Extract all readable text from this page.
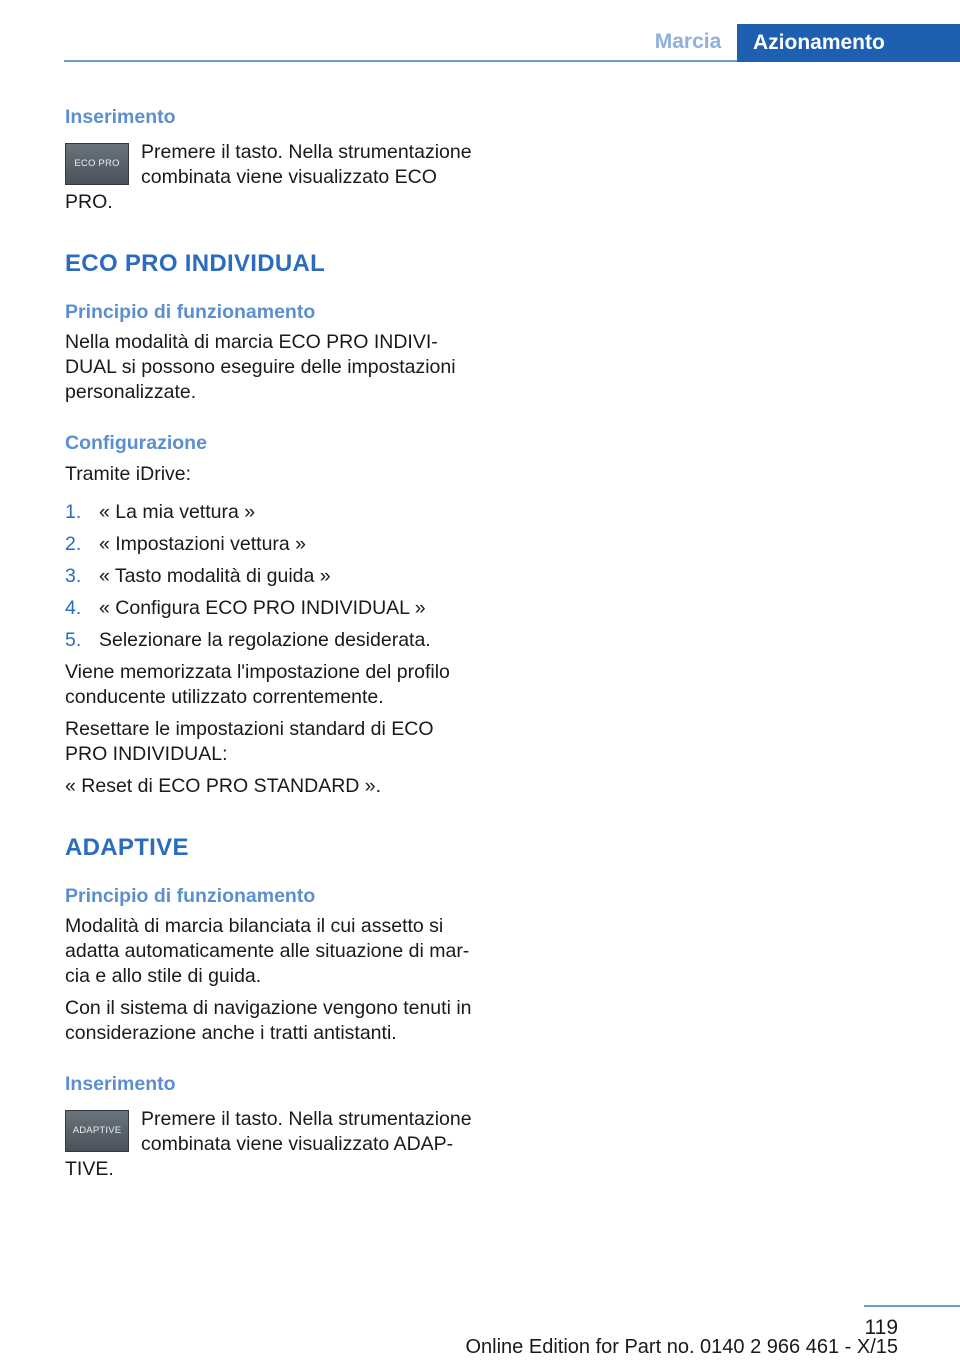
Marcia	Azionamento
Inserimento
ECO PRO

Premere il tasto. Nella strumentazione combinata viene visualizzato ECO PRO.

ECO PRO INDIVIDUAL
Principio di funzionamento

Nella modalità di marcia ECO PRO INDIVI-DUAL si possono eseguire delle impostazioni personalizzate.

Configurazione

Tramite iDrive:

1. « La mia vettura »
2. « Impostazioni vettura »
3. « Tasto modalità di guida »
4. « Configura ECO PRO INDIVIDUAL »
5. Selezionare la regolazione desiderata.

Viene memorizzata l'impostazione del profilo conducente utilizzato correntemente.

Resettare le impostazioni standard di ECO PRO INDIVIDUAL:

« Reset di ECO PRO STANDARD ».

ADAPTIVE
Principio di funzionamento

Modalità di marcia bilanciata il cui assetto si adatta automaticamente alle situazione di mar-cia e allo stile di guida.

Con il sistema di navigazione vengono tenuti in considerazione anche i tratti antistanti.

Inserimento
ADAPTIVE

Premere il tasto. Nella strumentazione combinata viene visualizzato ADAP-TIVE.

119
Online Edition for Part no. 0140 2 966 461 - X/15
